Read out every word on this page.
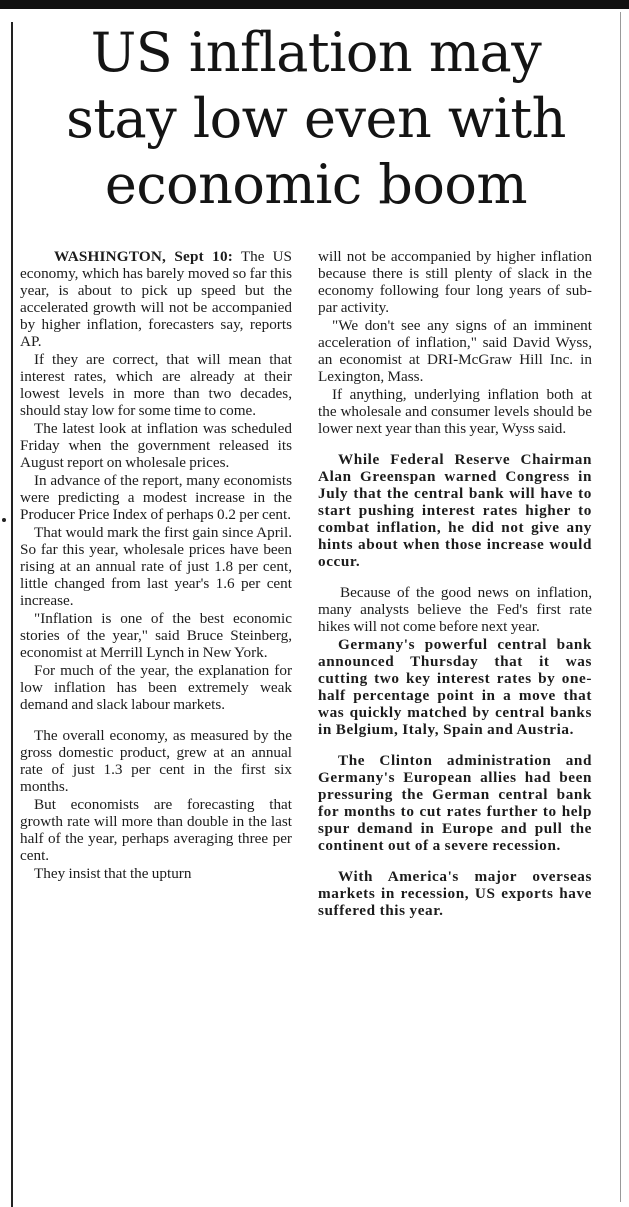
US inflation may
stay low even with
economic boom

WASHINGTON, Sept 10: The US economy, which has barely moved so far this year, is about to pick up speed but the accelerated growth will not be accompanied by higher inflation, forecasters say, reports AP.

If they are correct, that will mean that interest rates, which are already at their lowest levels in more than two decades, should stay low for some time to come.

The latest look at inflation was scheduled Friday when the government released its August report on wholesale prices.

In advance of the report, many economists were predicting a modest increase in the Producer Price Index of perhaps 0.2 per cent.

That would mark the first gain since April. So far this year, wholesale prices have been rising at an annual rate of just 1.8 per cent, little changed from last year's 1.6 per cent increase.

"Inflation is one of the best economic stories of the year," said Bruce Steinberg, economist at Merrill Lynch in New York.

For much of the year, the explanation for low inflation has been extremely weak demand and slack labour markets.

The overall economy, as measured by the gross domestic product, grew at an annual rate of just 1.3 per cent in the first six months.

But economists are forecasting that growth rate will more than double in the last half of the year, perhaps averaging three per cent.

They insist that the upturn

will not be accompanied by higher inflation because there is still plenty of slack in the economy following four long years of sub-par activity.

"We don't see any signs of an imminent acceleration of inflation," said David Wyss, an economist at DRI-McGraw Hill Inc. in Lexington, Mass.

If anything, underlying inflation both at the wholesale and consumer levels should be lower next year than this year, Wyss said.

While Federal Reserve Chairman Alan Greenspan warned Congress in July that the central bank will have to start pushing interest rates higher to combat inflation, he did not give any hints about when those increase would occur.

Because of the good news on inflation, many analysts believe the Fed's first rate hikes will not come before next year.

Germany's powerful central bank announced Thursday that it was cutting two key interest rates by one-half percentage point in a move that was quickly matched by central banks in Belgium, Italy, Spain and Austria.

The Clinton administration and Germany's European allies had been pressuring the German central bank for months to cut rates further to help spur demand in Europe and pull the continent out of a severe recession.

With America's major overseas markets in recession, US exports have suffered this year.
